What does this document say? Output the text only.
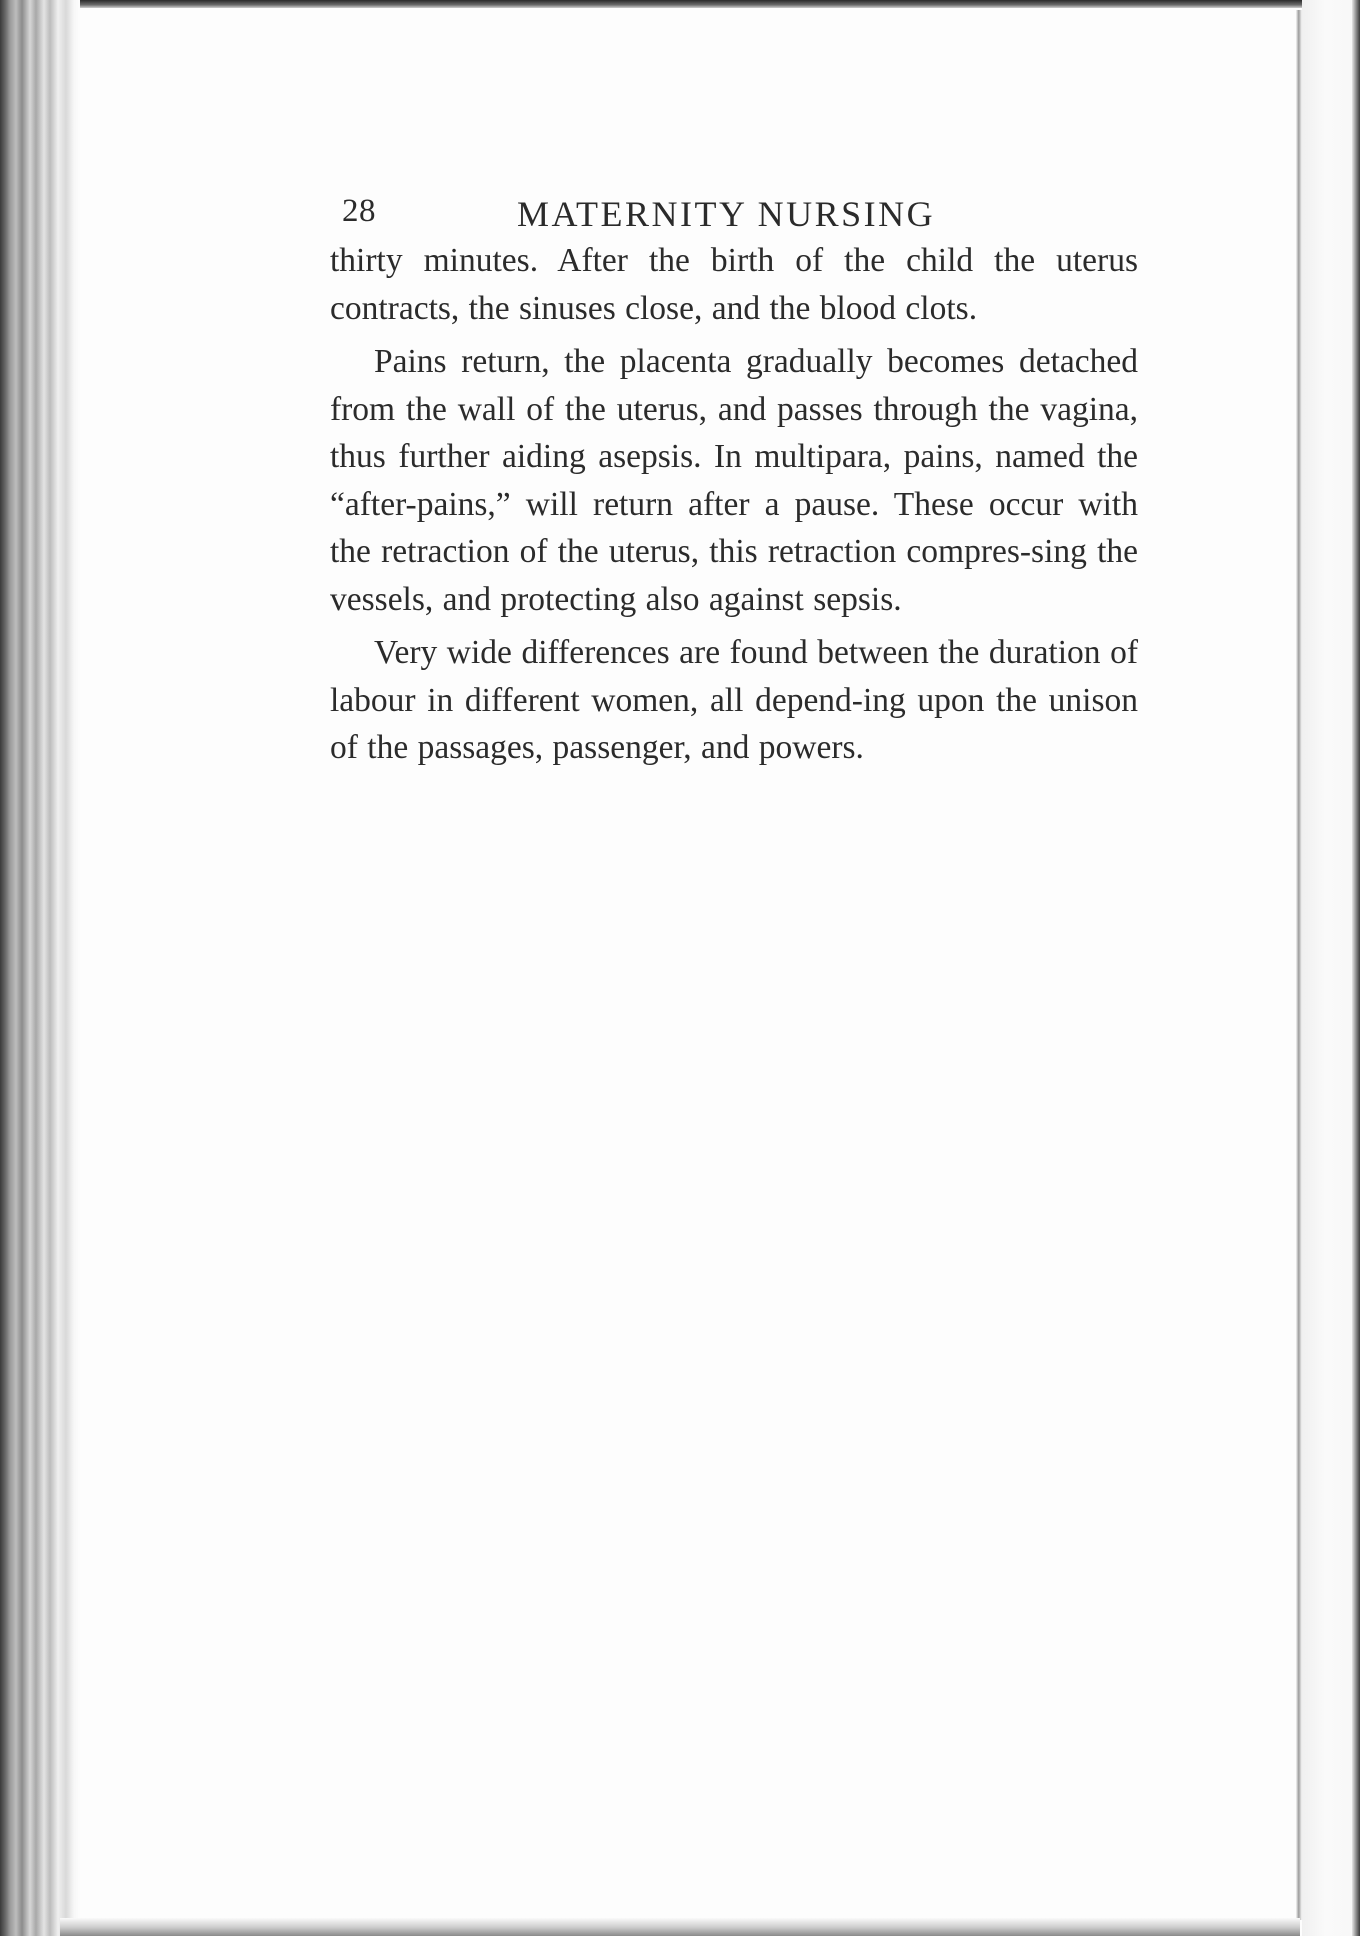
28	MATERNITY NURSING

thirty minutes. After the birth of the child the uterus contracts, the sinuses close, and the blood clots.

Pains return, the placenta gradually becomes detached from the wall of the uterus, and passes through the vagina, thus further aiding asepsis. In multipara, pains, named the “after-pains,” will return after a pause. These occur with the retraction of the uterus, this retraction compres-sing the vessels, and protecting also against sepsis.

Very wide differences are found between the duration of labour in different women, all depend-ing upon the unison of the passages, passenger, and powers.
